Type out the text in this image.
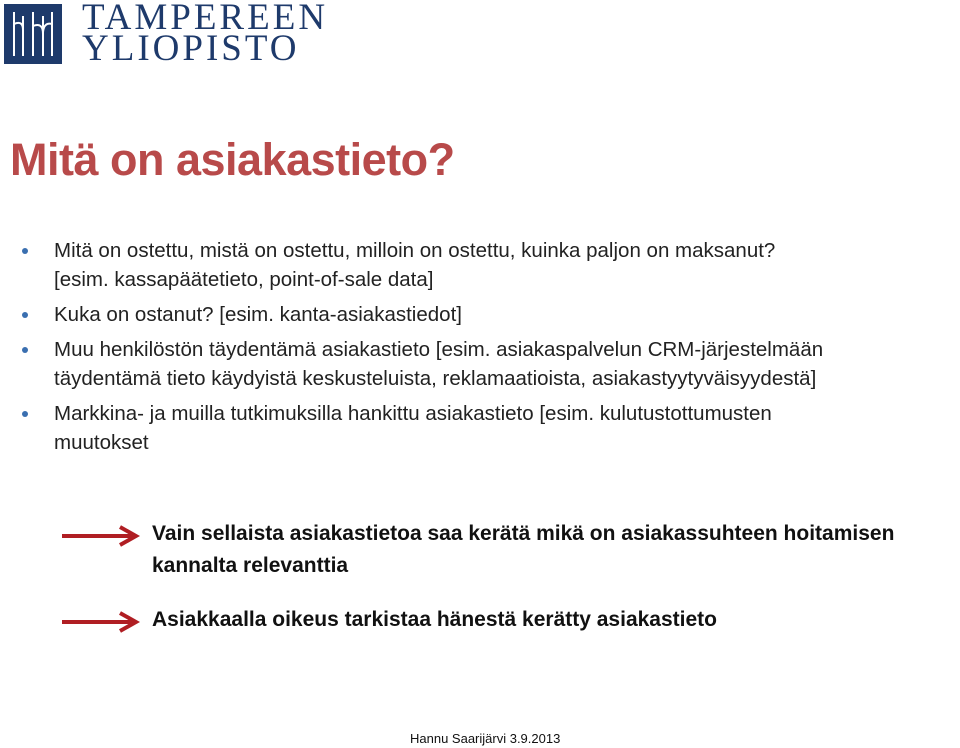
TAMPEREEN
YLIOPISTO
Mitä on asiakastieto?
Mitä on ostettu, mistä on ostettu, milloin on ostettu, kuinka paljon on maksanut?
[esim. kassapäätetieto, point-of-sale data]
Kuka on ostanut? [esim. kanta-asiakastiedot]
Muu henkilöstön täydentämä asiakastieto [esim. asiakaspalvelun CRM-järjestelmään
täydentämä tieto käydyistä keskusteluista, reklamaatioista, asiakastyytyväisyydestä]
Markkina- ja muilla tutkimuksilla hankittu asiakastieto [esim. kulutustottumusten
muutokset
Vain sellaista asiakastietoa saa kerätä mikä on asiakassuhteen hoitamisen kannalta relevanttia
Asiakkaalla oikeus tarkistaa hänestä kerätty asiakastieto
Hannu Saarijärvi 3.9.2013
